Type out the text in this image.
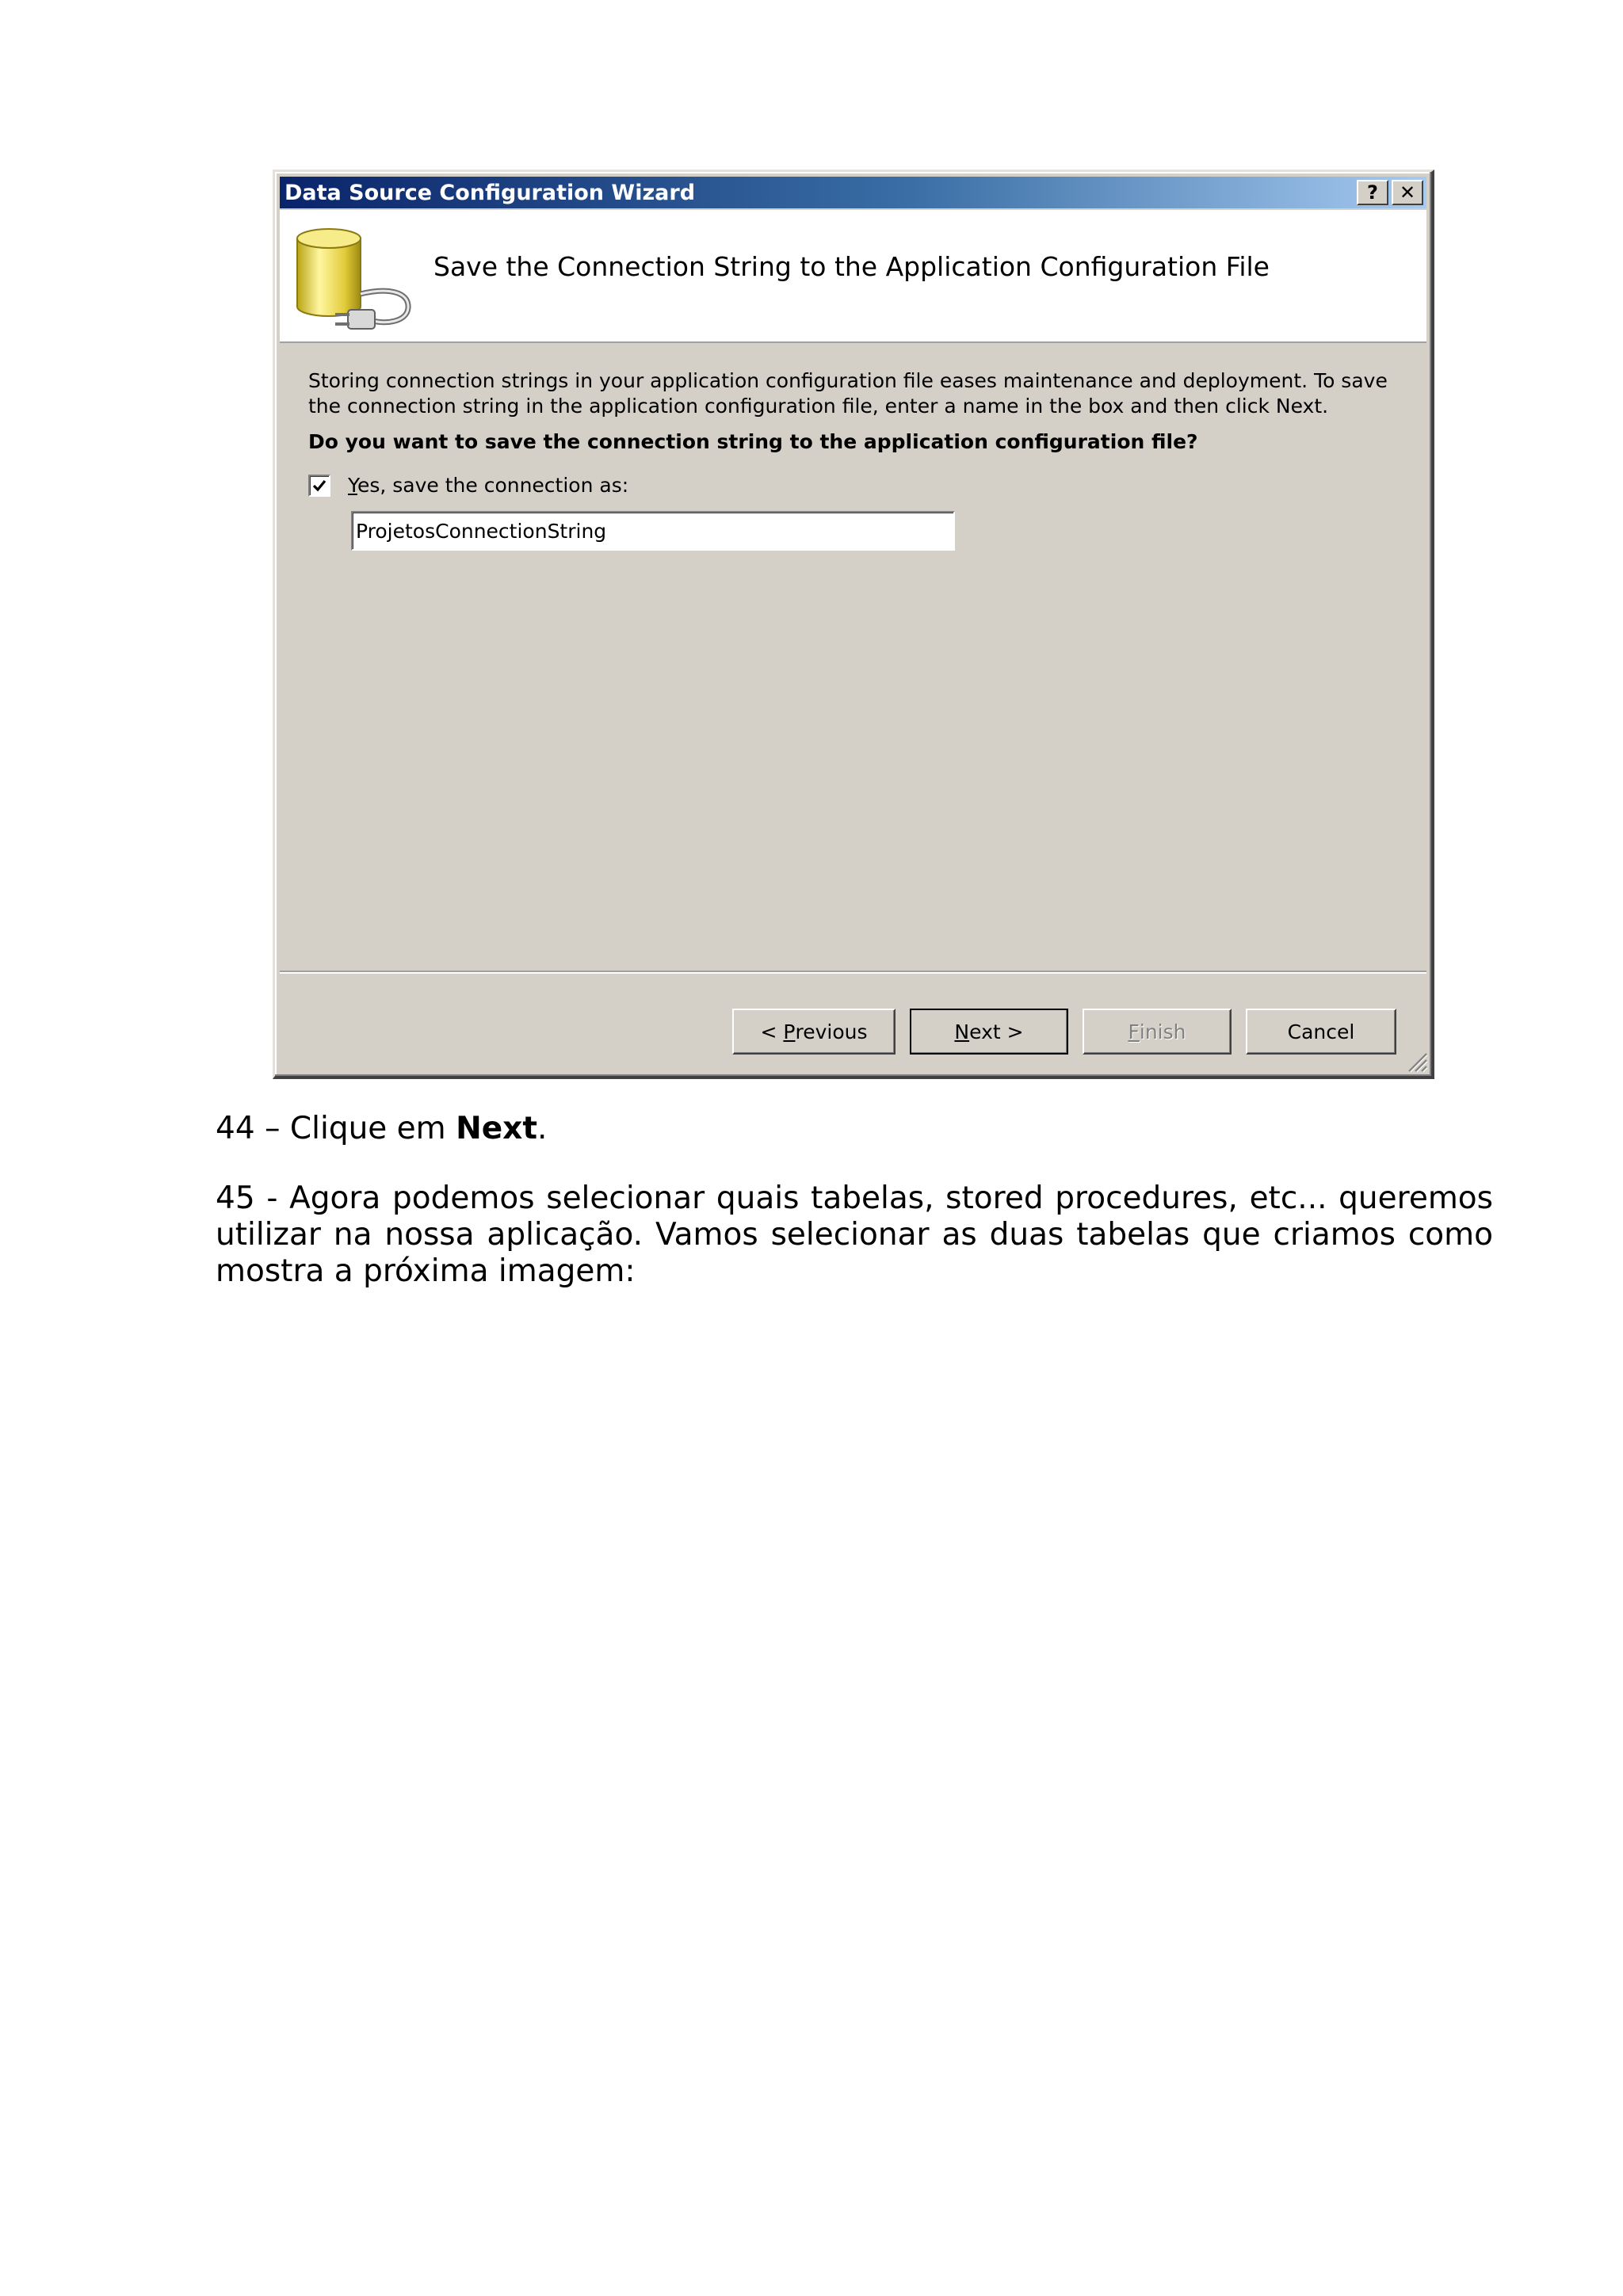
Data Source Configuration Wizard	? ✕
Save the Connection String to the Application Configuration File

Storing connection strings in your application configuration file eases maintenance and deployment. To save the connection string in the application configuration file, enter a name in the box and then click Next.

Do you want to save the connection string to the application configuration file?
Yes, save the connection as:
ProjetosConnectionString
< P revious	N ext >	F inish	Cancel

44 – Clique em Next.

45 - Agora podemos selecionar quais tabelas, stored procedures, etc... queremos utilizar na nossa aplicação. Vamos selecionar as duas tabelas que criamos como mostra a próxima imagem:
